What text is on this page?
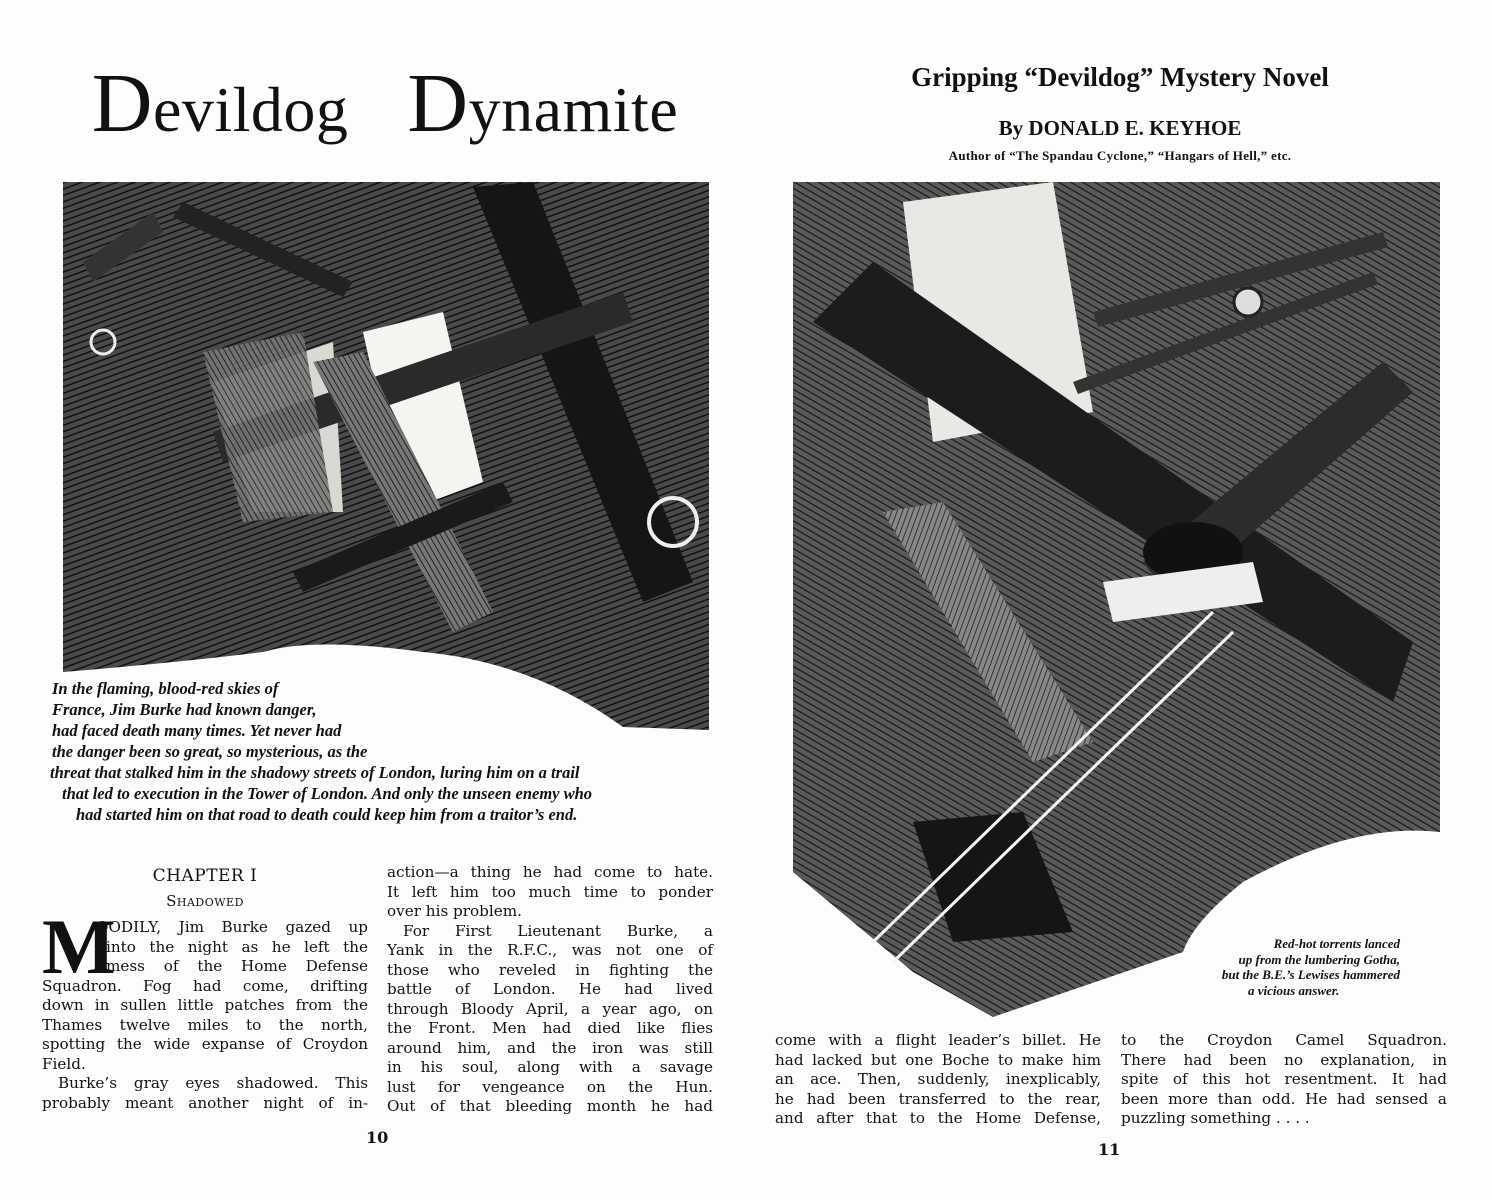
Devildog Dynamite
In the flaming, blood-red skies of
France, Jim Burke had known danger,
had faced death many times. Yet never had
the danger been so great, so mysterious, as the
threat that stalked him in the shadowy streets of London, luring him on a trail
that led to execution in the Tower of London. And only the unseen enemy who
had started him on that road to death could keep him from a traitor’s end.
CHAPTER I
Shadowed
M
OODILY, Jim Burke gazed up
into the night as he left the
mess of the Home Defense
Squadron. Fog had come, drifting
down in sullen little patches from the
Thames twelve miles to the north,
spotting the wide expanse of Croydon
Field.
Burke’s gray eyes shadowed. This
probably meant another night of in-
action—a thing he had come to hate.
It left him too much time to ponder
over his problem.
For First Lieutenant Burke, a
Yank in the R.F.C., was not one of
those who reveled in fighting the
battle of London. He had lived
through Bloody April, a year ago, on
the Front. Men had died like flies
around him, and the iron was still
in his soul, along with a savage
lust for vengeance on the Hun.
Out of that bleeding month he had
10
Gripping “Devildog” Mystery Novel
By DONALD E. KEYHOE
Author of “The Spandau Cyclone,” “Hangars of Hell,” etc.
Red-hot torrents lanced
up from the lumbering Gotha,
but the B.E.’s Lewises hammered
a vicious answer.
come with a flight leader’s billet. He
had lacked but one Boche to make him
an ace. Then, suddenly, inexplicably,
he had been transferred to the rear,
and after that to the Home Defense,
to the Croydon Camel Squadron.
There had been no explanation, in
spite of this hot resentment. It had
been more than odd. He had sensed a
puzzling something . . . .
11
